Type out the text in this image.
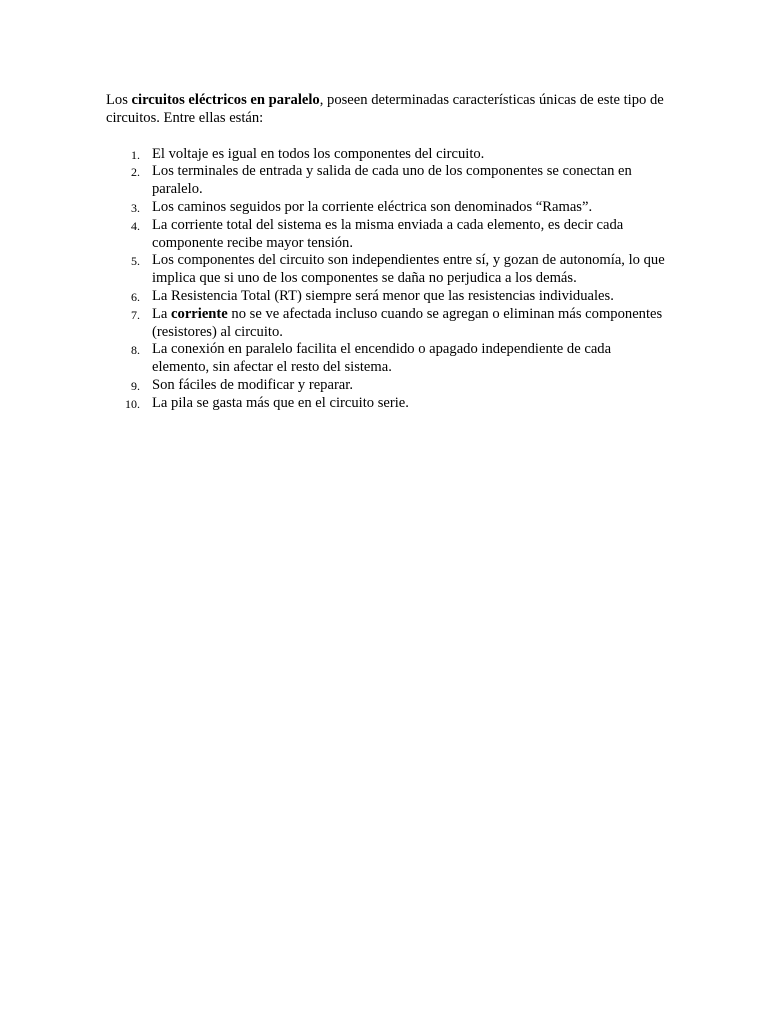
Los circuitos eléctricos en paralelo, poseen determinadas características únicas de este tipo de circuitos. Entre ellas están:

1. El voltaje es igual en todos los componentes del circuito.
2. Los terminales de entrada y salida de cada uno de los componentes se conectan en paralelo.
3. Los caminos seguidos por la corriente eléctrica son denominados “Ramas”.
4. La corriente total del sistema es la misma enviada a cada elemento, es decir cada componente recibe mayor tensión.
5. Los componentes del circuito son independientes entre sí, y gozan de autonomía, lo que implica que si uno de los componentes se daña no perjudica a los demás.
6. La Resistencia Total (RT) siempre será menor que las resistencias individuales.
7. La corriente no se ve afectada incluso cuando se agregan o eliminan más componentes (resistores) al circuito.
8. La conexión en paralelo facilita el encendido o apagado independiente de cada elemento, sin afectar el resto del sistema.
9. Son fáciles de modificar y reparar.
10. La pila se gasta más que en el circuito serie.
